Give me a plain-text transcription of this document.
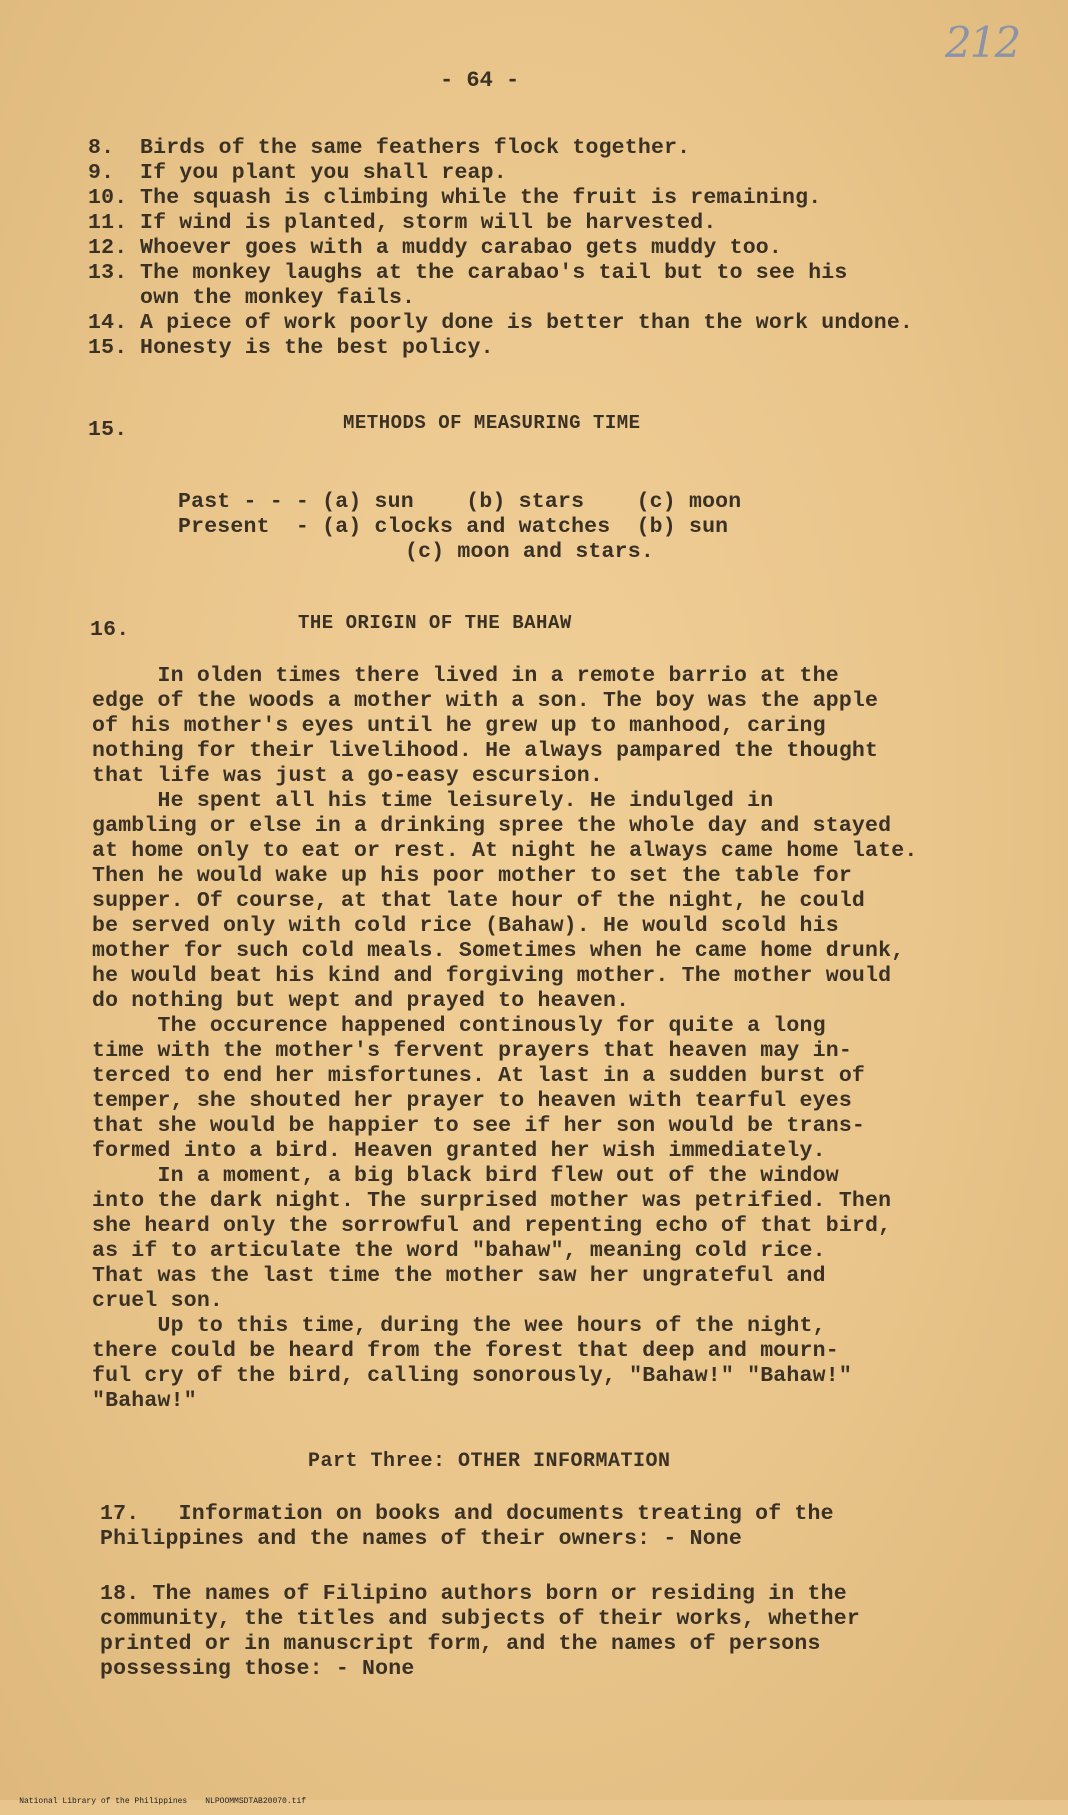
212
- 64 -
8. Birds of the same feathers flock together.
9. If you plant you shall reap.
10. The squash is climbing while the fruit is remaining.
11. If wind is planted, storm will be harvested.
12. Whoever goes with a muddy carabao gets muddy too.
13. The monkey laughs at the carabao's tail but to see his
own the monkey fails.
14. A piece of work poorly done is better than the work undone.
15. Honesty is the best policy.
15.	METHODS OF MEASURING TIME
Past - - - (a) sun    (b) stars    (c) moon
Present  - (a) clocks and watches  (b) sun
(c) moon and stars.
16.	THE ORIGIN OF THE BAHAW
In olden times there lived in a remote barrio at the
edge of the woods a mother with a son. The boy was the apple
of his mother's eyes until he grew up to manhood, caring
nothing for their livelihood. He always pampared the thought
that life was just a go-easy escursion.
He spent all his time leisurely. He indulged in
gambling or else in a drinking spree the whole day and stayed
at home only to eat or rest. At night he always came home late.
Then he would wake up his poor mother to set the table for
supper. Of course, at that late hour of the night, he could
be served only with cold rice (Bahaw). He would scold his
mother for such cold meals. Sometimes when he came home drunk,
he would beat his kind and forgiving mother. The mother would
do nothing but wept and prayed to heaven.
The occurence happened continously for quite a long
time with the mother's fervent prayers that heaven may in-
terced to end her misfortunes. At last in a sudden burst of
temper, she shouted her prayer to heaven with tearful eyes
that she would be happier to see if her son would be trans-
formed into a bird. Heaven granted her wish immediately.
In a moment, a big black bird flew out of the window
into the dark night. The surprised mother was petrified. Then
she heard only the sorrowful and repenting echo of that bird,
as if to articulate the word "bahaw", meaning cold rice.
That was the last time the mother saw her ungrateful and
cruel son.
Up to this time, during the wee hours of the night,
there could be heard from the forest that deep and mourn-
ful cry of the bird, calling sonorously, "Bahaw!" "Bahaw!"
"Bahaw!"
Part Three: OTHER INFORMATION
17.   Information on books and documents treating of the
Philippines and the names of their owners: - None
18. The names of Filipino authors born or residing in the
community, the titles and subjects of their works, whether
printed or in manuscript form, and the names of persons
possessing those: - None

National Library of the Philippines NLPOOMMSDTAB20070.tif
